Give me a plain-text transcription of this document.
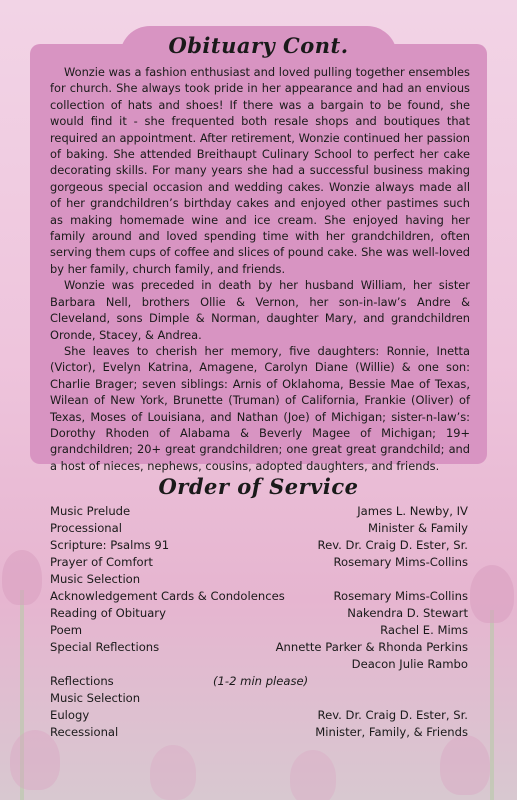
Obituary Cont.

Wonzie was a fashion enthusiast and loved pulling together ensembles for church. She always took pride in her appearance and had an envious collection of hats and shoes! If there was a bargain to be found, she would find it - she frequented both resale shops and boutiques that required an appointment. After retirement, Wonzie continued her passion of baking. She attended Breithaupt Culinary School to perfect her cake decorating skills. For many years she had a successful business making gorgeous special occasion and wedding cakes. Wonzie always made all of her grandchildren’s birthday cakes and enjoyed other pastimes such as making homemade wine and ice cream. She enjoyed having her family around and loved spending time with her grandchildren, often serving them cups of coffee and slices of pound cake. She was well-loved by her family, church family, and friends.

Wonzie was preceded in death by her husband William, her sister Barbara Nell, brothers Ollie & Vernon, her son-in-law’s Andre & Cleveland, sons Dimple & Norman, daughter Mary, and grandchildren Oronde, Stacey, & Andrea.

She leaves to cherish her memory, five daughters: Ronnie, Inetta (Victor), Evelyn Katrina, Amagene, Carolyn Diane (Willie) & one son: Charlie Brager; seven siblings: Arnis of Oklahoma, Bessie Mae of Texas, Wilean of New York, Brunette (Truman) of California, Frankie (Oliver) of Texas, Moses of Louisiana, and Nathan (Joe) of Michigan; sister-n-law’s: Dorothy Rhoden of Alabama & Beverly Magee of Michigan; 19+ grandchildren; 20+ great grandchildren; one great great grandchild; and a host of nieces, nephews, cousins, adopted daughters, and friends.

Order of Service
Music Prelude	James L. Newby, IV
Processional	Minister & Family
Scripture: Psalms 91	Rev. Dr. Craig D. Ester, Sr.
Prayer of Comfort	Rosemary Mims-Collins
Music Selection
Acknowledgement Cards & Condolences	Rosemary Mims-Collins
Reading of Obituary	Nakendra D. Stewart
Poem	Rachel E. Mims
Special Reflections	Annette Parker & Rhonda Perkins
Deacon Julie Rambo
Reflections	(1-2 min please)
Music Selection
Eulogy	Rev. Dr. Craig D. Ester, Sr.
Recessional	Minister, Family, & Friends
